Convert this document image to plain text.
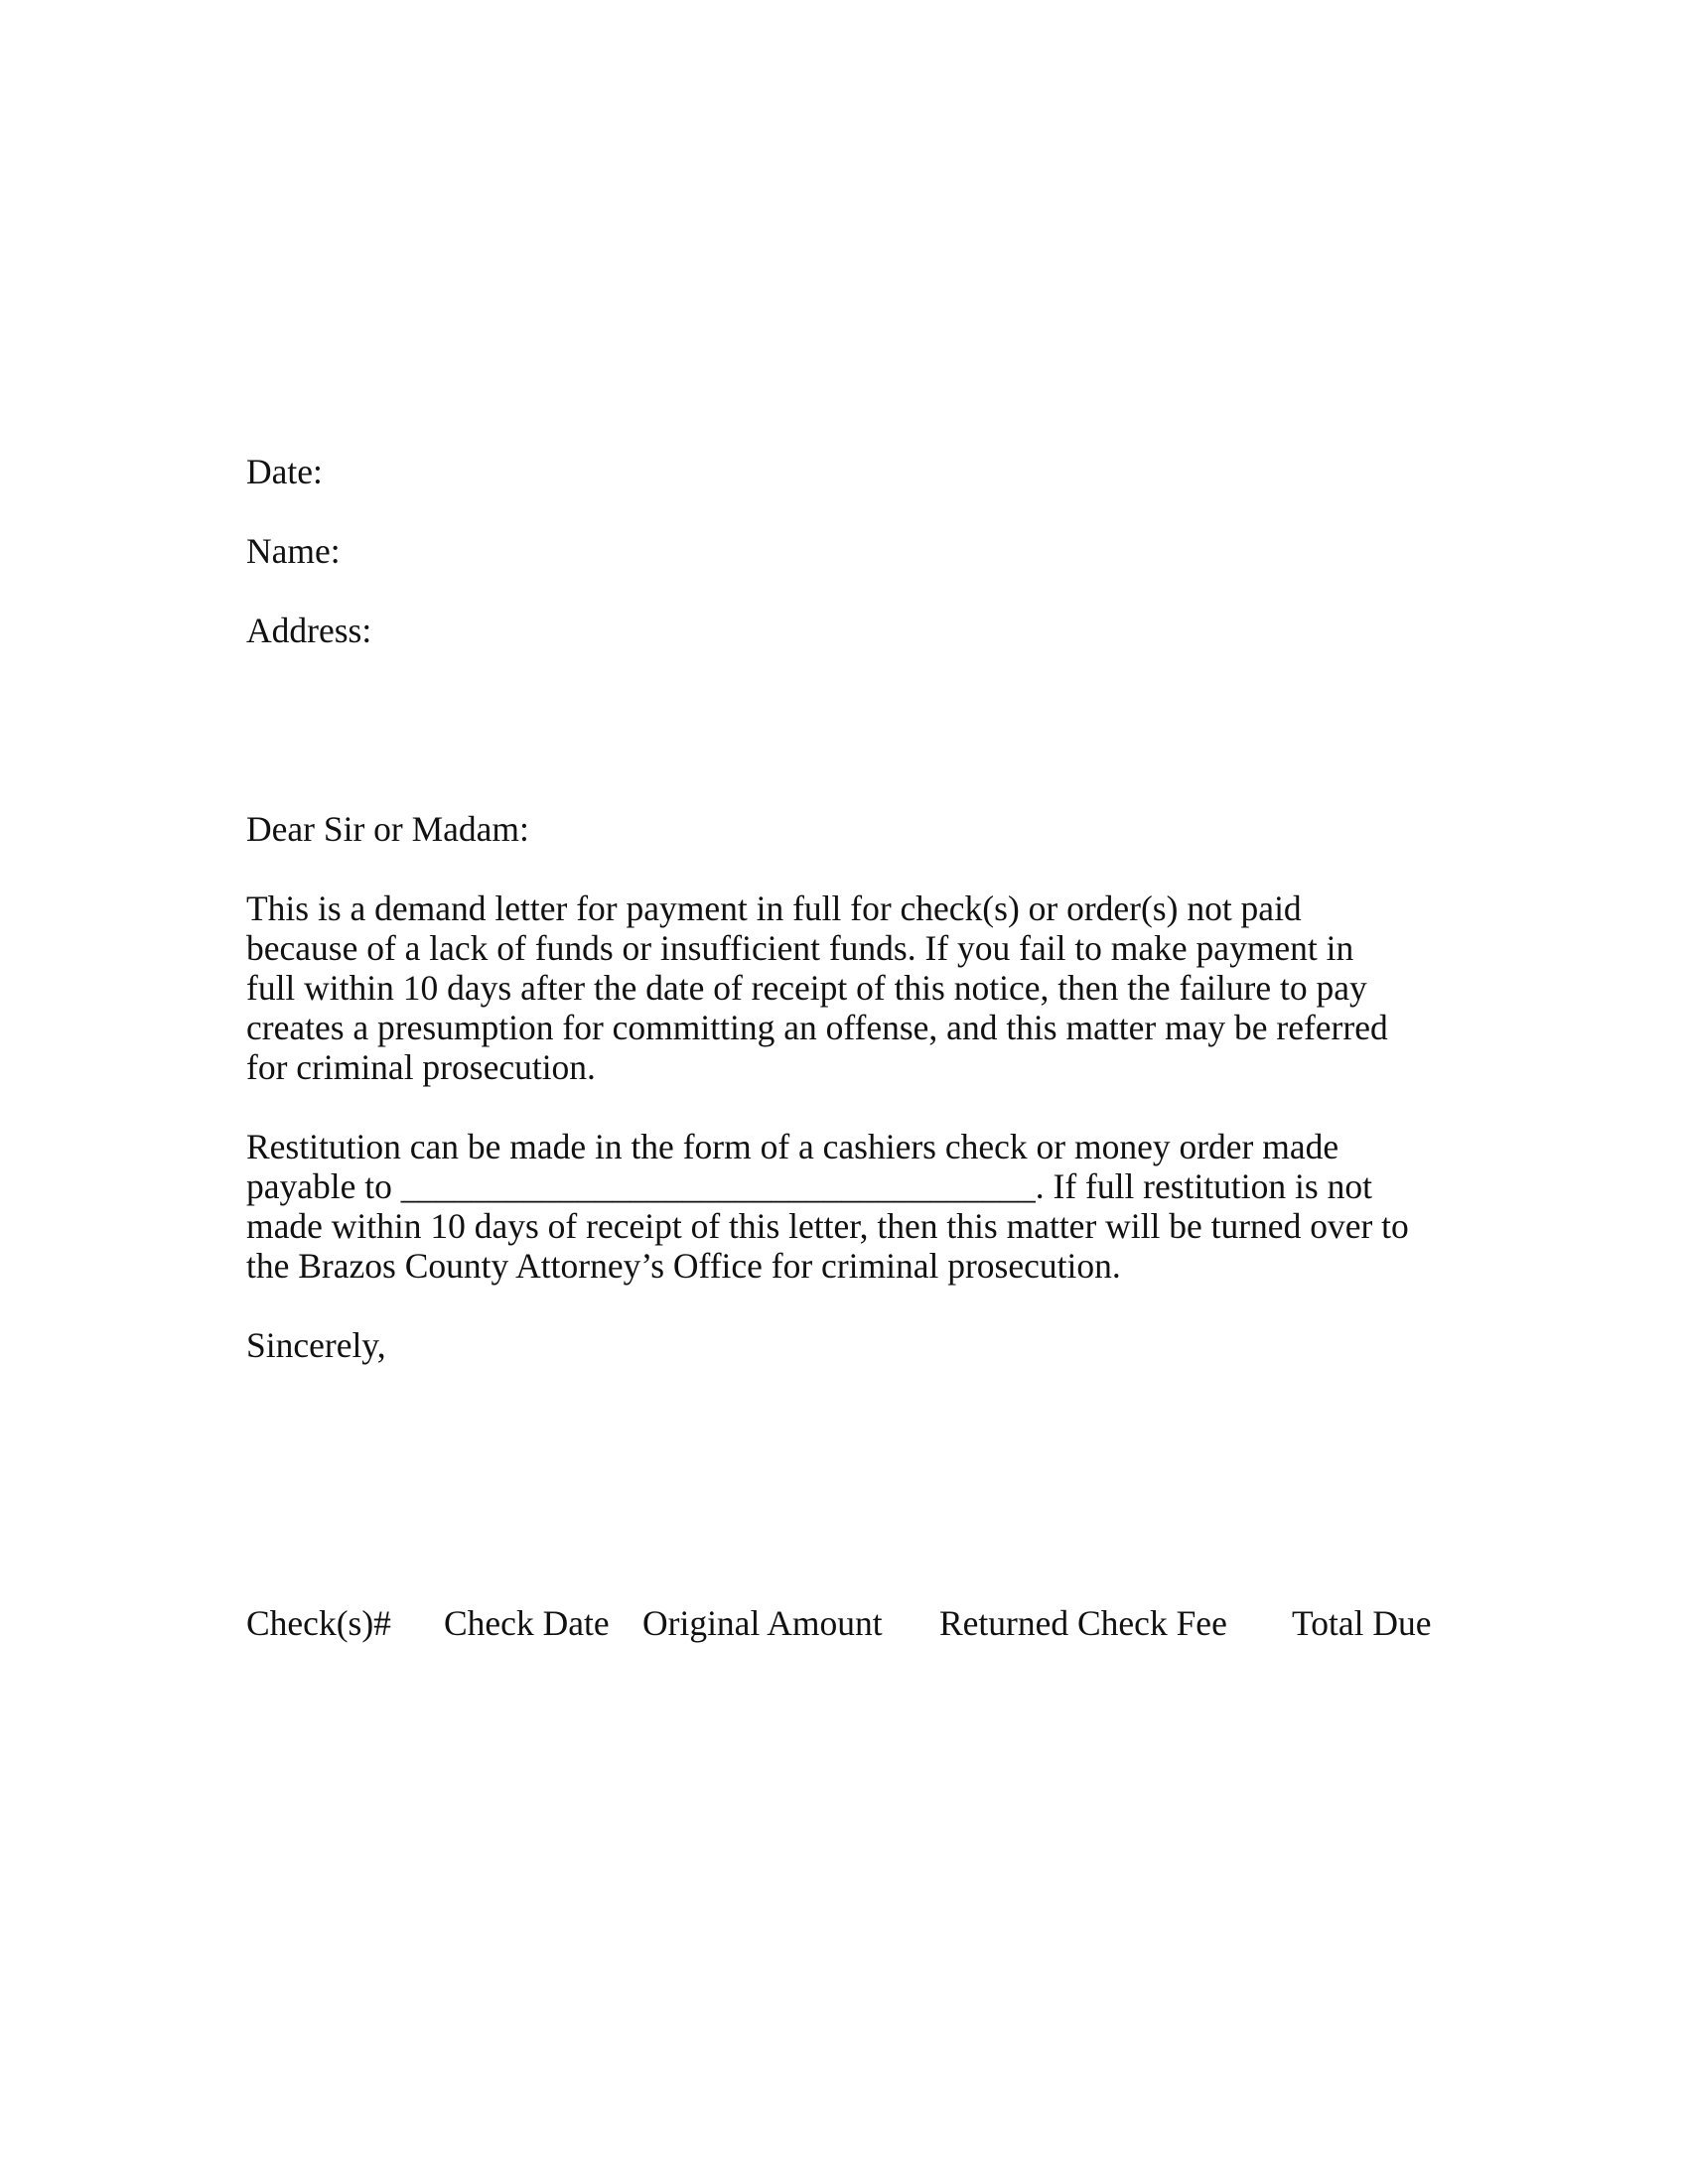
Date:

Name:

Address:

Dear Sir or Madam:

This is a demand letter for payment in full for check(s) or order(s) not paid
because of a lack of funds or insufficient funds. If you fail to make payment in
full within 10 days after the date of receipt of this notice, then the failure to pay
creates a presumption for committing an offense, and this matter may be referred
for criminal prosecution.
Restitution can be made in the form of a cashiers check or money order made
payable to ____________________________________. If full restitution is not
made within 10 days of receipt of this letter, then this matter will be turned over to
the Brazos County Attorney’s Office for criminal prosecution.

Sincerely,

Check(s)# Check Date Original Amount Returned Check Fee Total Due
